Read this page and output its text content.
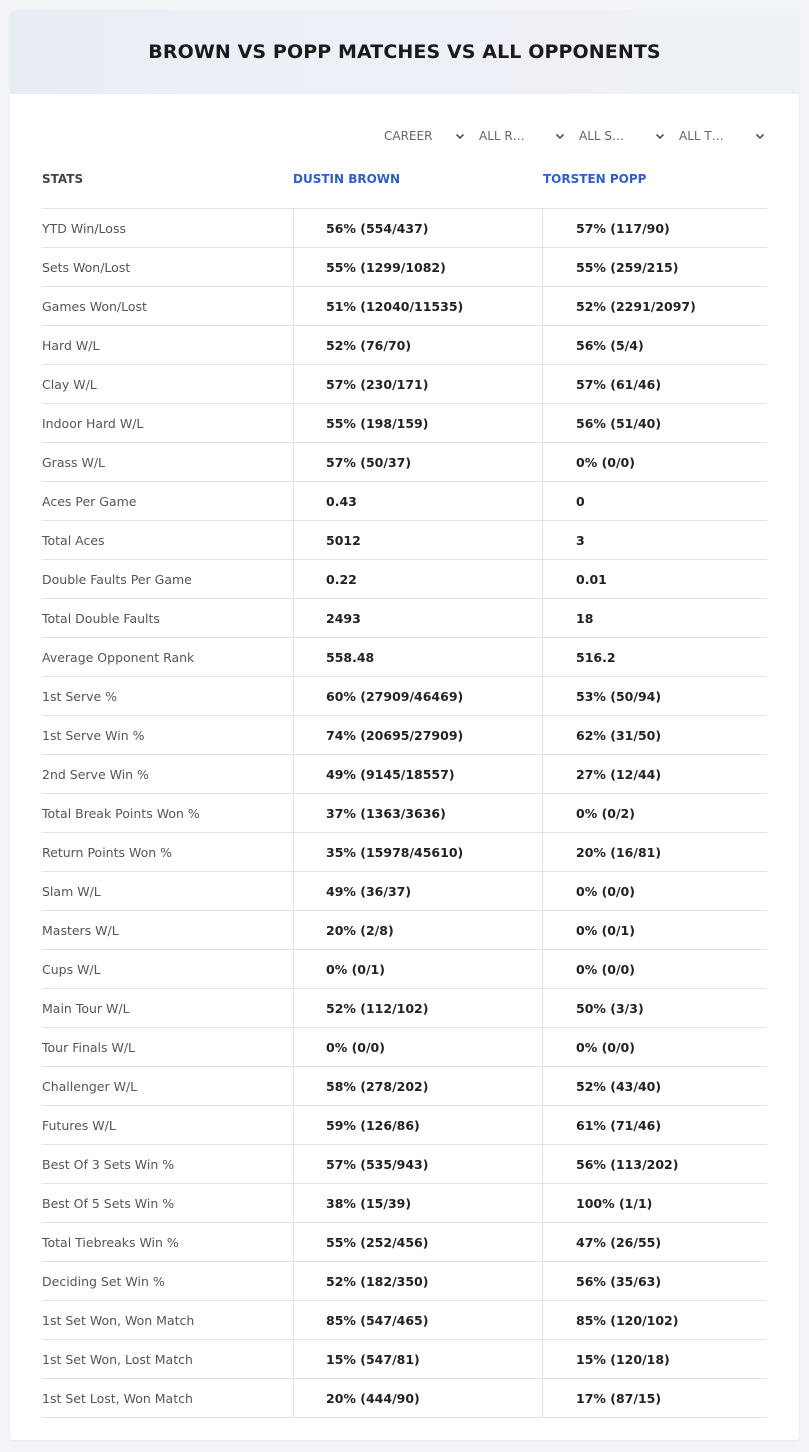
BROWN VS POPP MATCHES VS ALL OPPONENTS
CAREER	ALL R…	ALL S…	ALL T…
STATS	DUSTIN BROWN	TORSTEN POPP
YTD Win/Loss	56% (554/437)	57% (117/90)
Sets Won/Lost	55% (1299/1082)	55% (259/215)
Games Won/Lost	51% (12040/11535)	52% (2291/2097)
Hard W/L	52% (76/70)	56% (5/4)
Clay W/L	57% (230/171)	57% (61/46)
Indoor Hard W/L	55% (198/159)	56% (51/40)
Grass W/L	57% (50/37)	0% (0/0)
Aces Per Game	0.43	0
Total Aces	5012	3
Double Faults Per Game	0.22	0.01
Total Double Faults	2493	18
Average Opponent Rank	558.48	516.2
1st Serve %	60% (27909/46469)	53% (50/94)
1st Serve Win %	74% (20695/27909)	62% (31/50)
2nd Serve Win %	49% (9145/18557)	27% (12/44)
Total Break Points Won %	37% (1363/3636)	0% (0/2)
Return Points Won %	35% (15978/45610)	20% (16/81)
Slam W/L	49% (36/37)	0% (0/0)
Masters W/L	20% (2/8)	0% (0/1)
Cups W/L	0% (0/1)	0% (0/0)
Main Tour W/L	52% (112/102)	50% (3/3)
Tour Finals W/L	0% (0/0)	0% (0/0)
Challenger W/L	58% (278/202)	52% (43/40)
Futures W/L	59% (126/86)	61% (71/46)
Best Of 3 Sets Win %	57% (535/943)	56% (113/202)
Best Of 5 Sets Win %	38% (15/39)	100% (1/1)
Total Tiebreaks Win %	55% (252/456)	47% (26/55)
Deciding Set Win %	52% (182/350)	56% (35/63)
1st Set Won, Won Match	85% (547/465)	85% (120/102)
1st Set Won, Lost Match	15% (547/81)	15% (120/18)
1st Set Lost, Won Match	20% (444/90)	17% (87/15)
